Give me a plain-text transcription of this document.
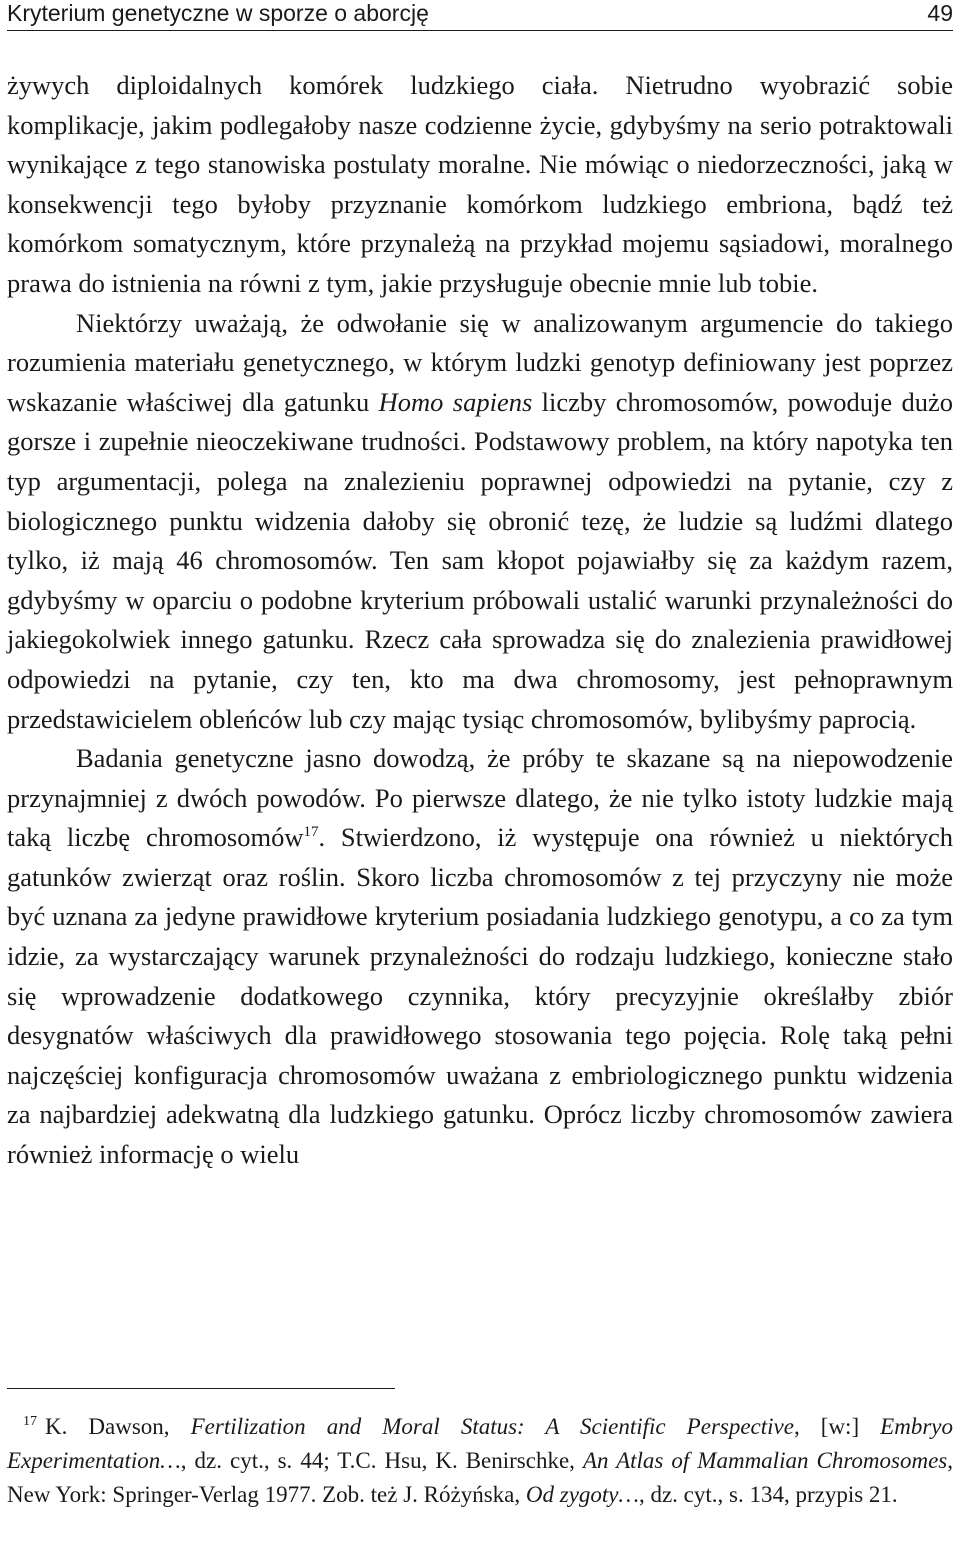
Kryterium genetyczne w sporze o aborcję	49

żywych diploidalnych komórek ludzkiego ciała. Nietrudno wyobrazić sobie komplikacje, jakim podlegałoby nasze codzienne życie, gdybyśmy na serio potraktowali wynikające z tego stanowiska postulaty moralne. Nie mówiąc o niedorzeczności, jaką w konsekwencji tego byłoby przyznanie komórkom ludzkiego embriona, bądź też komórkom somatycznym, które przynależą na przykład mojemu sąsiadowi, moralnego prawa do istnienia na równi z tym, jakie przysługuje obecnie mnie lub tobie.

Niektórzy uważają, że odwołanie się w analizowanym argumencie do takiego rozumienia materiału genetycznego, w którym ludzki genotyp definiowany jest poprzez wskazanie właściwej dla gatunku Homo sapiens liczby chromosomów, powoduje dużo gorsze i zupełnie nieoczekiwane trudności. Podstawowy problem, na który napotyka ten typ argumentacji, polega na znalezieniu poprawnej odpowiedzi na pytanie, czy z biologicznego punktu widzenia dałoby się obronić tezę, że ludzie są ludźmi dlatego tylko, iż mają 46 chromosomów. Ten sam kłopot pojawiałby się za każdym razem, gdybyśmy w oparciu o podobne kryterium próbowali ustalić warunki przynależności do jakiegokolwiek innego gatunku. Rzecz cała sprowadza się do znalezienia prawidłowej odpowiedzi na pytanie, czy ten, kto ma dwa chromosomy, jest pełnoprawnym przedstawicielem obleńców lub czy mając tysiąc chromosomów, bylibyśmy paprocią.

Badania genetyczne jasno dowodzą, że próby te skazane są na niepowodzenie przynajmniej z dwóch powodów. Po pierwsze dlatego, że nie tylko istoty ludzkie mają taką liczbę chromosomów$^{17}$. Stwierdzono, iż występuje ona również u niektórych gatunków zwierząt oraz roślin. Skoro liczba chromosomów z tej przyczyny nie może być uznana za jedyne prawidłowe kryterium posiadania ludzkiego genotypu, a co za tym idzie, za wystarczający warunek przynależności do rodzaju ludzkiego, konieczne stało się wprowadzenie dodatkowego czynnika, który precyzyjnie określałby zbiór desygnatów właściwych dla prawidłowego stosowania tego pojęcia. Rolę taką pełni najczęściej konfiguracja chromosomów uważana z embriologicznego punktu widzenia za najbardziej adekwatną dla ludzkiego gatunku. Oprócz liczby chromosomów zawiera również informację o wielu

$^{17}$ K. Dawson, Fertilization and Moral Status: A Scientific Perspective, [w:] Embryo Experimentation…, dz. cyt., s. 44; T.C. Hsu, K. Benirschke, An Atlas of Mammalian Chromosomes, New York: Springer-Verlag 1977. Zob. też J. Różyńska, Od zygoty…, dz. cyt., s. 134, przypis 21.
